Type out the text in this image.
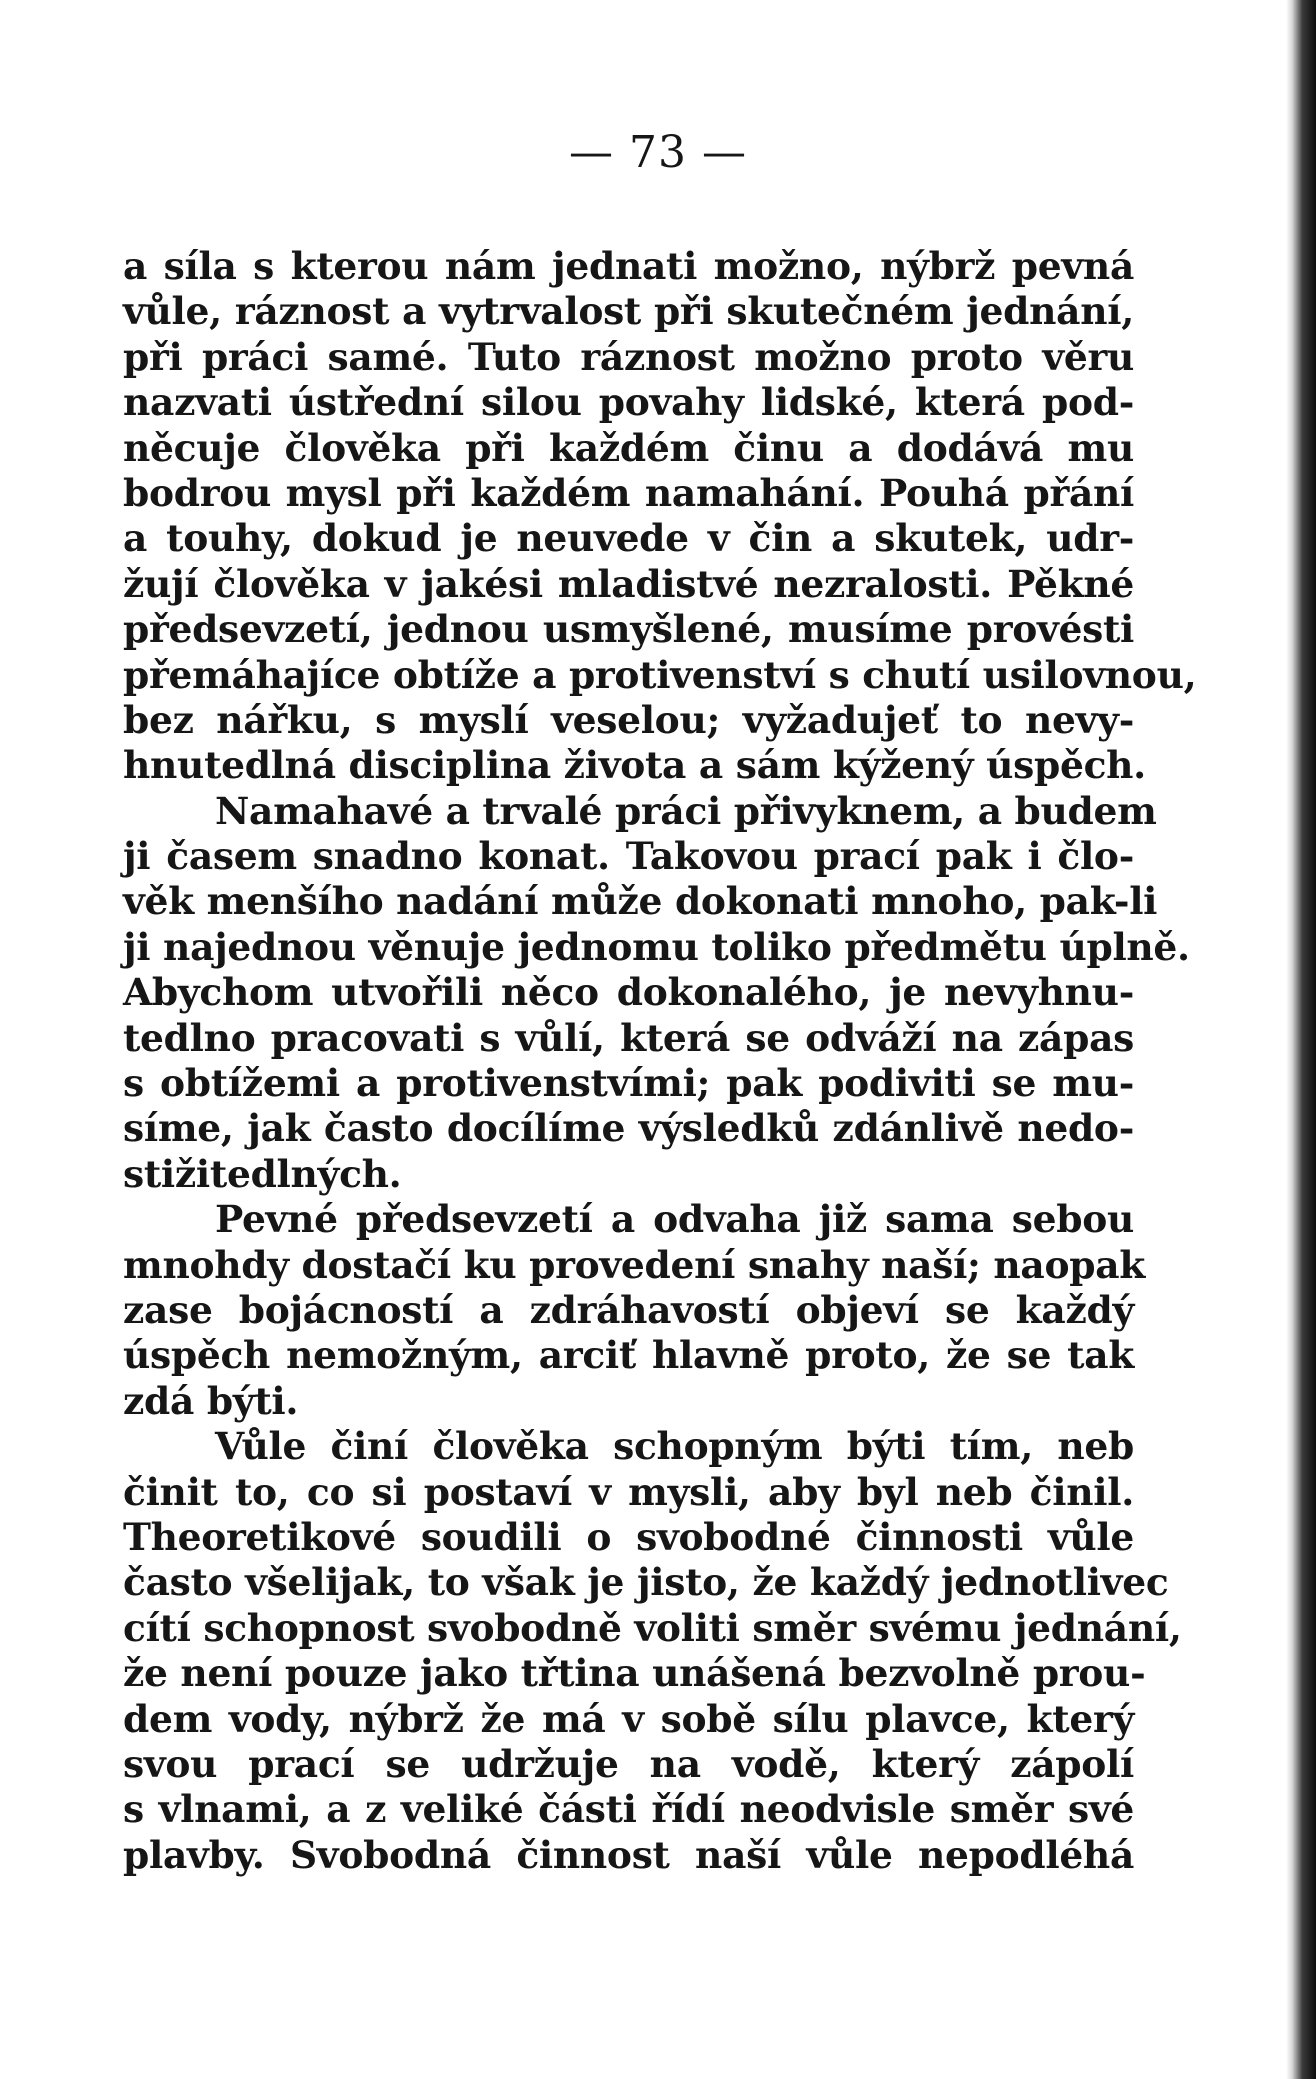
— 73 —
a síla s kterou nám jednati možno, nýbrž pevná
vůle, ráznost a vytrvalost při skutečném jednání,
při práci samé. Tuto ráznost možno proto věru
nazvati ústřední silou povahy lidské, která pod-
něcuje člověka při každém činu a dodává mu
bodrou mysl při každém namahání. Pouhá přání
a touhy, dokud je neuvede v čin a skutek, udr-
žují člověka v jakési mladistvé nezralosti. Pěkné
předsevzetí, jednou usmyšlené, musíme provésti
přemáhajíce obtíže a protivenství s chutí usilovnou,
bez nářku, s myslí veselou; vyžadujeť to nevy-
hnutedlná disciplina života a sám kýžený úspěch.
Namahavé a trvalé práci přivyknem, a budem
ji časem snadno konat. Takovou prací pak i člo-
věk menšího nadání může dokonati mnoho, pak-li
ji najednou věnuje jednomu toliko předmětu úplně.
Abychom utvořili něco dokonalého, je nevyhnu-
tedlno pracovati s vůlí, která se odváží na zápas
s obtížemi a protivenstvími; pak podiviti se mu-
síme, jak často docílíme výsledků zdánlivě nedo-
stižitedlných.
Pevné předsevzetí a odvaha již sama sebou
mnohdy dostačí ku provedení snahy naší; naopak
zase bojácností a zdráhavostí objeví se každý
úspěch nemožným, arciť hlavně proto, že se tak
zdá býti.
Vůle činí člověka schopným býti tím, neb
činit to, co si postaví v mysli, aby byl neb činil.
Theoretikové soudili o svobodné činnosti vůle
často všelijak, to však je jisto, že každý jednotlivec
cítí schopnost svobodně voliti směr svému jednání,
že není pouze jako třtina unášená bezvolně prou-
dem vody, nýbrž že má v sobě sílu plavce, který
svou prací se udržuje na vodě, který zápolí
s vlnami, a z veliké části řídí neodvisle směr své
plavby. Svobodná činnost naší vůle nepodléhá
